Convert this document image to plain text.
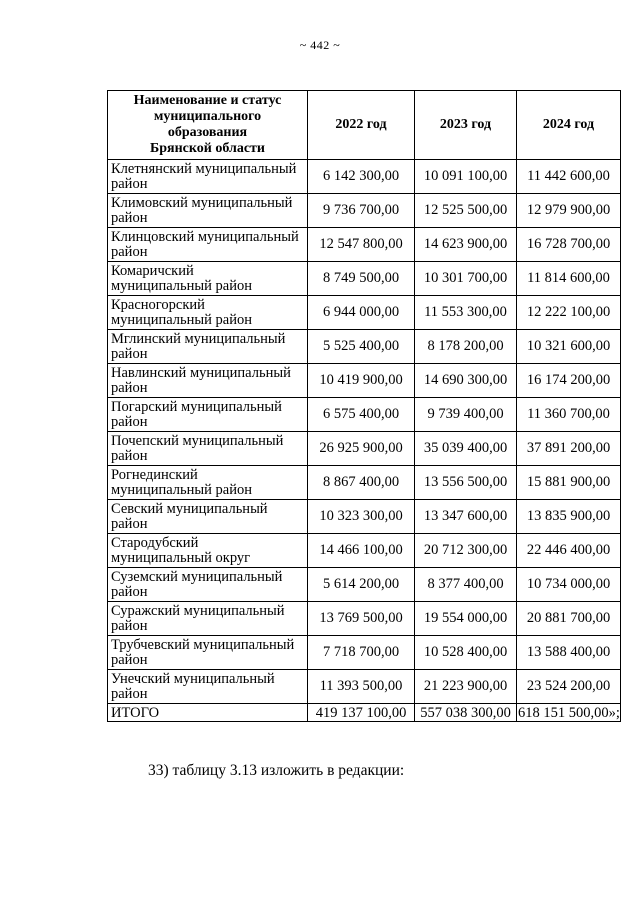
~ 442 ~
Наименование и статус
муниципального
образования
Брянской области	2022 год	2023 год	2024 год
Клетнянский муниципальный
район	6 142 300,00	10 091 100,00	11 442 600,00
Климовский муниципальный
район	9 736 700,00	12 525 500,00	12 979 900,00
Клинцовский муниципальный
район	12 547 800,00	14 623 900,00	16 728 700,00
Комаричский
муниципальный район	8 749 500,00	10 301 700,00	11 814 600,00
Красногорский
муниципальный район	6 944 000,00	11 553 300,00	12 222 100,00
Мглинский муниципальный
район	5 525 400,00	8 178 200,00	10 321 600,00
Навлинский муниципальный
район	10 419 900,00	14 690 300,00	16 174 200,00
Погарский муниципальный
район	6 575 400,00	9 739 400,00	11 360 700,00
Почепский муниципальный
район	26 925 900,00	35 039 400,00	37 891 200,00
Рогнединский
муниципальный район	8 867 400,00	13 556 500,00	15 881 900,00
Севский муниципальный
район	10 323 300,00	13 347 600,00	13 835 900,00
Стародубский
муниципальный округ	14 466 100,00	20 712 300,00	22 446 400,00
Суземский муниципальный
район	5 614 200,00	8 377 400,00	10 734 000,00
Суражский муниципальный
район	13 769 500,00	19 554 000,00	20 881 700,00
Трубчевский муниципальный
район	7 718 700,00	10 528 400,00	13 588 400,00
Унечский муниципальный
район	11 393 500,00	21 223 900,00	23 524 200,00
ИТОГО	419 137 100,00	557 038 300,00	618 151 500,00»;
33) таблицу 3.13 изложить в редакции:
